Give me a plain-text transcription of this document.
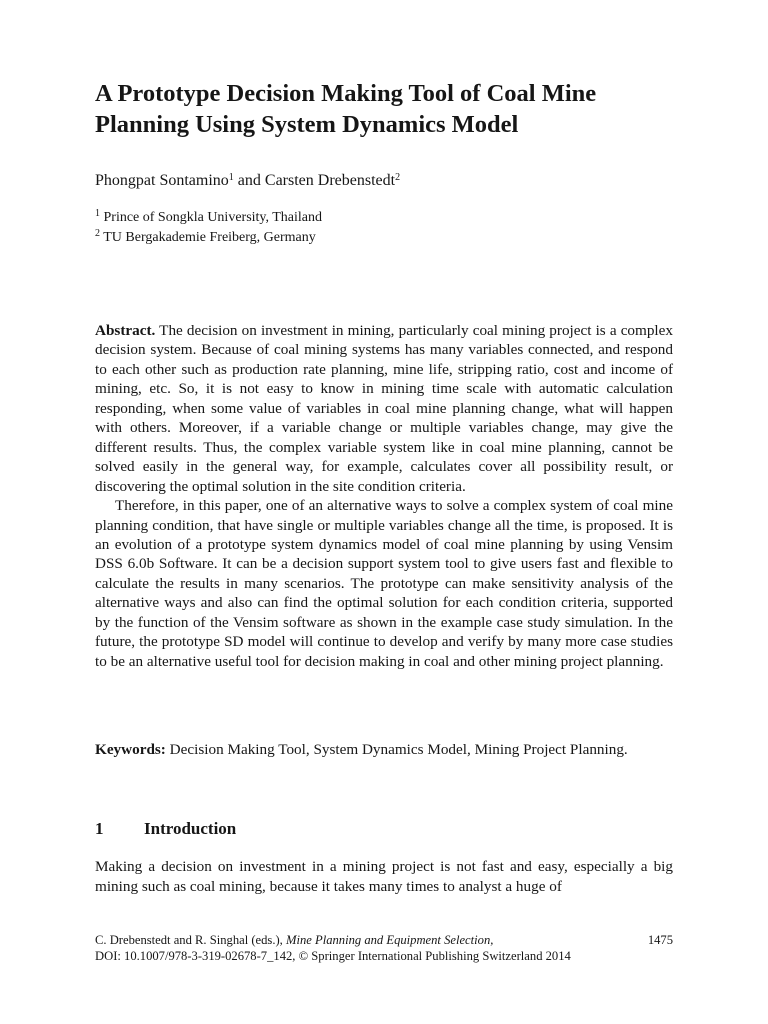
A Prototype Decision Making Tool of Coal Mine Planning Using System Dynamics Model
Phongpat Sontamino$^1$ and Carsten Drebenstedt$^2$
$^1$ Prince of Songkla University, Thailand
$^2$ TU Bergakademie Freiberg, Germany

Abstract. The decision on investment in mining, particularly coal mining project is a complex decision system. Because of coal mining systems has many variables connected, and respond to each other such as production rate planning, mine life, stripping ratio, cost and income of mining, etc. So, it is not easy to know in mining time scale with automatic calculation responding, when some value of variables in coal mine planning change, what will happen with others. Moreover, if a variable change or multiple variables change, may give the different results. Thus, the complex variable system like in coal mine planning, cannot be solved easily in the general way, for example, calculates cover all possibility result, or discovering the optimal solution in the site condition criteria.

Therefore, in this paper, one of an alternative ways to solve a complex system of coal mine planning condition, that have single or multiple variables change all the time, is proposed. It is an evolution of a prototype system dynamics model of coal mine planning by using Vensim DSS 6.0b Software. It can be a decision support system tool to give users fast and flexible to calculate the results in many scenarios. The prototype can make sensitivity analysis of the alternative ways and also can find the optimal solution for each condition criteria, supported by the function of the Vensim software as shown in the example case study simulation. In the future, the prototype SD model will continue to develop and verify by many more case studies to be an alternative useful tool for decision making in coal and other mining project planning.

Keywords: Decision Making Tool, System Dynamics Model, Mining Project Planning.
1 Introduction
Making a decision on investment in a mining project is not fast and easy, especially a big mining such as coal mining, because it takes many times to analyst a huge of
C. Drebenstedt and R. Singhal (eds.), Mine Planning and Equipment Selection,	1475
DOI: 10.1007/978-3-319-02678-7_142, © Springer International Publishing Switzerland 2014
